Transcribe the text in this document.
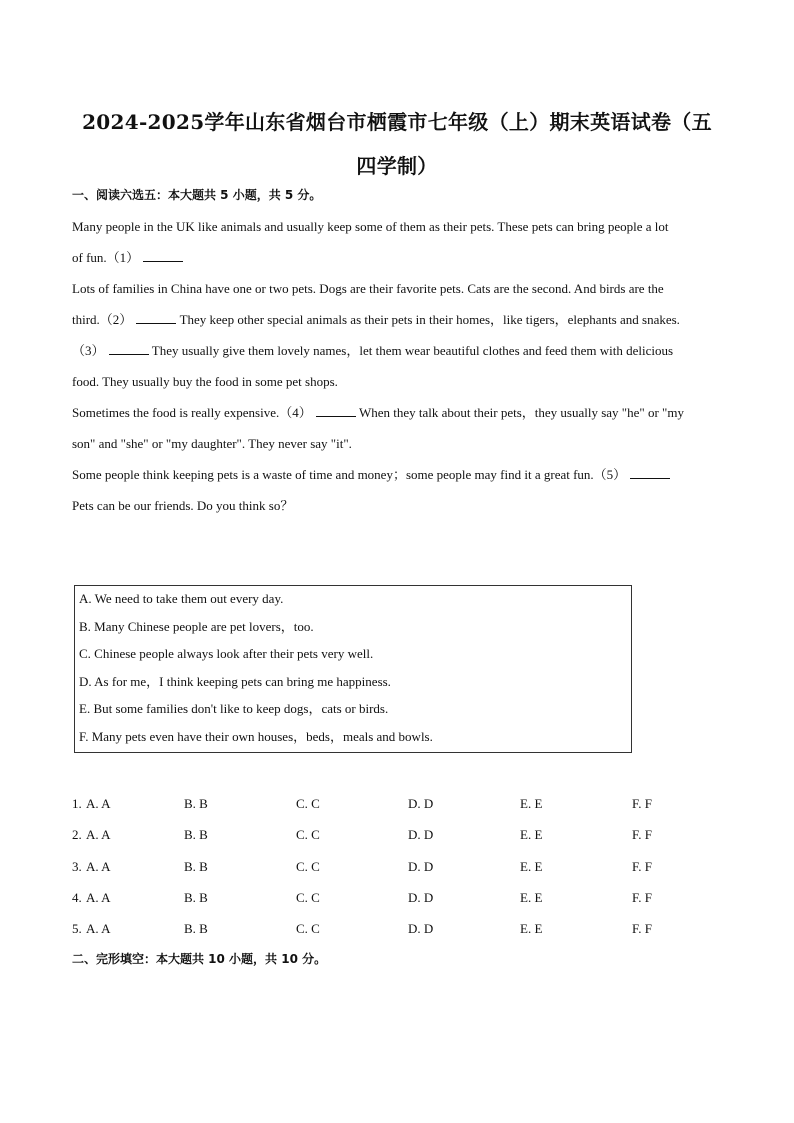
2024-2025学年山东省烟台市栖霞市七年级（上）期末英语试卷（五
四学制）
一、阅读六选五：本大题共 5 小题，共 5 分。
Many people in the UK like animals and usually keep some of them as their pets. These pets can bring people a lot
of fun.（1）
Lots of families in China have one or two pets. Dogs are their favorite pets. Cats are the second. And birds are the
third.（2）	They keep other special animals as their pets in their homes，like tigers，elephants and snakes.
（3）	They usually give them lovely names，let them wear beautiful clothes and feed them with delicious
food. They usually buy the food in some pet shops.
Sometimes the food is really expensive.（4）	When they talk about their pets，they usually say "he" or "my
son" and "she" or "my daughter". They never say "it".
Some people think keeping pets is a waste of time and money；some people may find it a great fun.（5）
Pets can be our friends. Do you think so？
A. We need to take them out every day.
B. Many Chinese people are pet lovers，too.
C. Chinese people always look after their pets very well.
D. As for me，I think keeping pets can bring me happiness.
E. But some families don't like to keep dogs，cats or birds.
F. Many pets even have their own houses，beds，meals and bowls.
1. A. A	B. B	C. C	D. D	E. E	F. F
2. A. A	B. B	C. C	D. D	E. E	F. F
3. A. A	B. B	C. C	D. D	E. E	F. F
4. A. A	B. B	C. C	D. D	E. E	F. F
5. A. A	B. B	C. C	D. D	E. E	F. F
二、完形填空：本大题共 10 小题，共 10 分。
